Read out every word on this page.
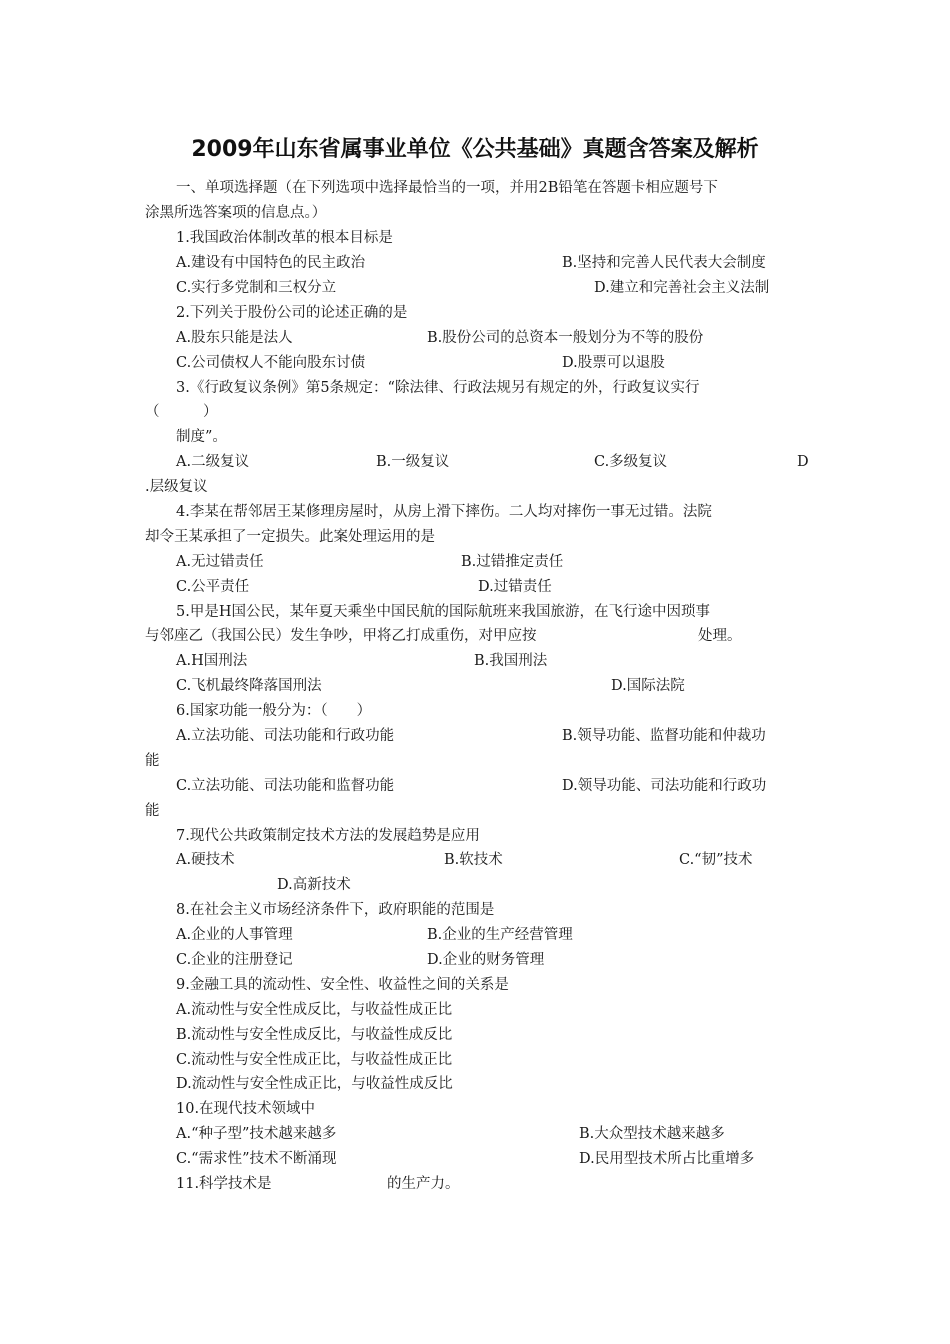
2009年山东省属事业单位《公共基础》真题含答案及解析
一、单项选择题（在下列选项中选择最恰当的一项，并用2B铅笔在答题卡相应题号下
涂黑所选答案项的信息点。）
1.我国政治体制改革的根本目标是
A.建设有中国特色的民主政治	B.坚持和完善人民代表大会制度
C.实行多党制和三权分立	D.建立和完善社会主义法制
2.下列关于股份公司的论述正确的是
A.股东只能是法人	B.股份公司的总资本一般划分为不等的股份
C.公司债权人不能向股东讨债	D.股票可以退股
3.《行政复议条例》第5条规定：“除法律、行政法规另有规定的外，行政复议实行
（　　　）
制度”。
A.二级复议	B.一级复议	C.多级复议	D
.层级复议
4.李某在帮邻居王某修理房屋时，从房上滑下摔伤。二人均对摔伤一事无过错。法院
却令王某承担了一定损失。此案处理运用的是
A.无过错责任	B.过错推定责任
C.公平责任	D.过错责任
5.甲是H国公民，某年夏天乘坐中国民航的国际航班来我国旅游，在飞行途中因琐事
与邻座乙（我国公民）发生争吵，甲将乙打成重伤，对甲应按	处理。
A.H国刑法	B.我国刑法
C.飞机最终降落国刑法	D.国际法院
6.国家功能一般分为：（　　）
A.立法功能、司法功能和行政功能	B.领导功能、监督功能和仲裁功
能
C.立法功能、司法功能和监督功能	D.领导功能、司法功能和行政功
能
7.现代公共政策制定技术方法的发展趋势是应用
A.硬技术	B.软技术	C.“韧”技术
D.高新技术
8.在社会主义市场经济条件下，政府职能的范围是
A.企业的人事管理	B.企业的生产经营管理
C.企业的注册登记	D.企业的财务管理
9.金融工具的流动性、安全性、收益性之间的关系是
A.流动性与安全性成反比，与收益性成正比
B.流动性与安全性成反比，与收益性成反比
C.流动性与安全性成正比，与收益性成正比
D.流动性与安全性成正比，与收益性成反比
10.在现代技术领域中
A.“种子型”技术越来越多	B.大众型技术越来越多
C.“需求性”技术不断涌现	D.民用型技术所占比重增多
11.科学技术是	的生产力。
